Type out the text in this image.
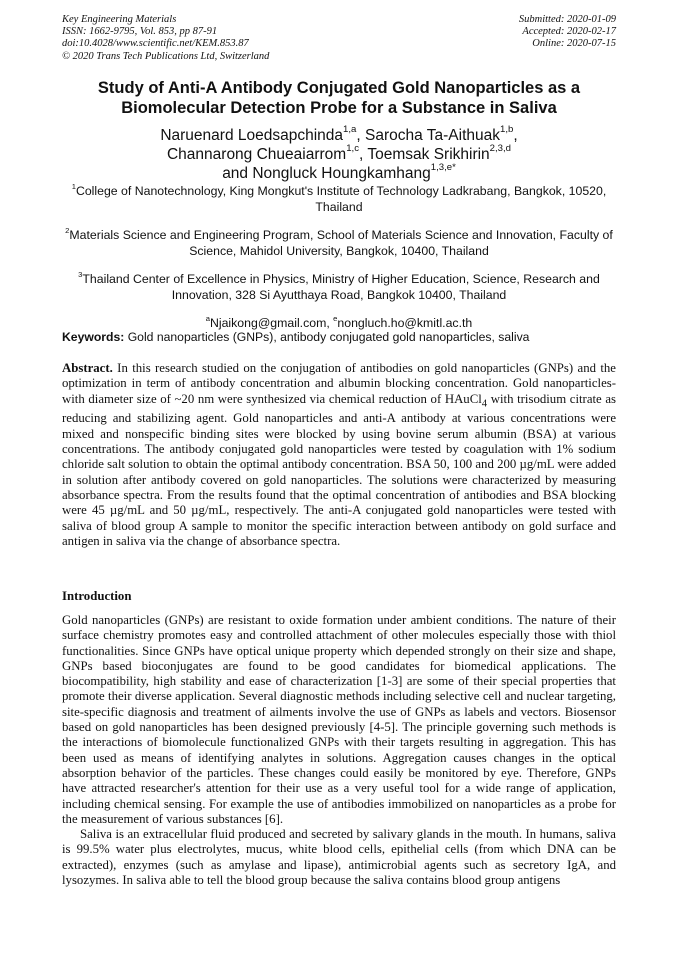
Key Engineering Materials
ISSN: 1662-9795, Vol. 853, pp 87-91
doi:10.4028/www.scientific.net/KEM.853.87
© 2020 Trans Tech Publications Ltd, Switzerland
Submitted: 2020-01-09
Accepted: 2020-02-17
Online: 2020-07-15
Study of Anti-A Antibody Conjugated Gold Nanoparticles as a
Biomolecular Detection Probe for a Substance in Saliva
Naruenard Loedsapchinda$^{1,a}$, Sarocha Ta-Aithuak$^{1,b}$,
Channarong Chueaiarrom$^{1,c}$, Toemsak Srikhirin$^{2,3,d}$
and Nongluck Houngkamhang$^{1,3,e*}$
$^1$College of Nanotechnology, King Mongkut's Institute of Technology Ladkrabang, Bangkok, 10520, Thailand
$^2$Materials Science and Engineering Program, School of Materials Science and Innovation, Faculty of Science, Mahidol University, Bangkok, 10400, Thailand
$^3$Thailand Center of Excellence in Physics, Ministry of Higher Education, Science, Research and Innovation, 328 Si Ayutthaya Road, Bangkok 10400, Thailand
$^a$Njaikong@gmail.com, $^e$nongluch.ho@kmitl.ac.th
Keywords: Gold nanoparticles (GNPs), antibody conjugated gold nanoparticles, saliva
Abstract. In this research studied on the conjugation of antibodies on gold nanoparticles (GNPs) and the optimization in term of antibody concentration and albumin blocking concentration. Gold nanoparticles-with diameter size of ~20 nm were synthesized via chemical reduction of HAuCl$_4$ with trisodium citrate as reducing and stabilizing agent. Gold nanoparticles and anti-A antibody at various concentrations were mixed and nonspecific binding sites were blocked by using bovine serum albumin (BSA) at various concentrations. The antibody conjugated gold nanoparticles were tested by coagulation with 1% sodium chloride salt solution to obtain the optimal antibody concentration. BSA 50, 100 and 200 µg/mL were added in solution after antibody covered on gold nanoparticles. The solutions were characterized by measuring absorbance spectra. From the results found that the optimal concentration of antibodies and BSA blocking were 45 µg/mL and 50 µg/mL, respectively. The anti-A conjugated gold nanoparticles were tested with saliva of blood group A sample to monitor the specific interaction between antibody on gold surface and antigen in saliva via the change of absorbance spectra.
Introduction

Gold nanoparticles (GNPs) are resistant to oxide formation under ambient conditions. The nature of their surface chemistry promotes easy and controlled attachment of other molecules especially those with thiol functionalities. Since GNPs have optical unique property which depended strongly on their size and shape, GNPs based bioconjugates are found to be good candidates for biomedical applications. The biocompatibility, high stability and ease of characterization [1-3] are some of their special properties that promote their diverse application. Several diagnostic methods including selective cell and nuclear targeting, site-specific diagnosis and treatment of ailments involve the use of GNPs as labels and vectors. Biosensor based on gold nanoparticles has been designed previously [4-5]. The principle governing such methods is the interactions of biomolecule functionalized GNPs with their targets resulting in aggregation. This has been used as means of identifying analytes in solutions. Aggregation causes changes in the optical absorption behavior of the particles. These changes could easily be monitored by eye. Therefore, GNPs have attracted researcher's attention for their use as a very useful tool for a wide range of application, including chemical sensing. For example the use of antibodies immobilized on nanoparticles as a probe for the measurement of various substances [6].

Saliva is an extracellular fluid produced and secreted by salivary glands in the mouth. In humans, saliva is 99.5% water plus electrolytes, mucus, white blood cells, epithelial cells (from which DNA can be extracted), enzymes (such as amylase and lipase), antimicrobial agents such as secretory IgA, and lysozymes. In saliva able to tell the blood group because the saliva contains blood group antigens
